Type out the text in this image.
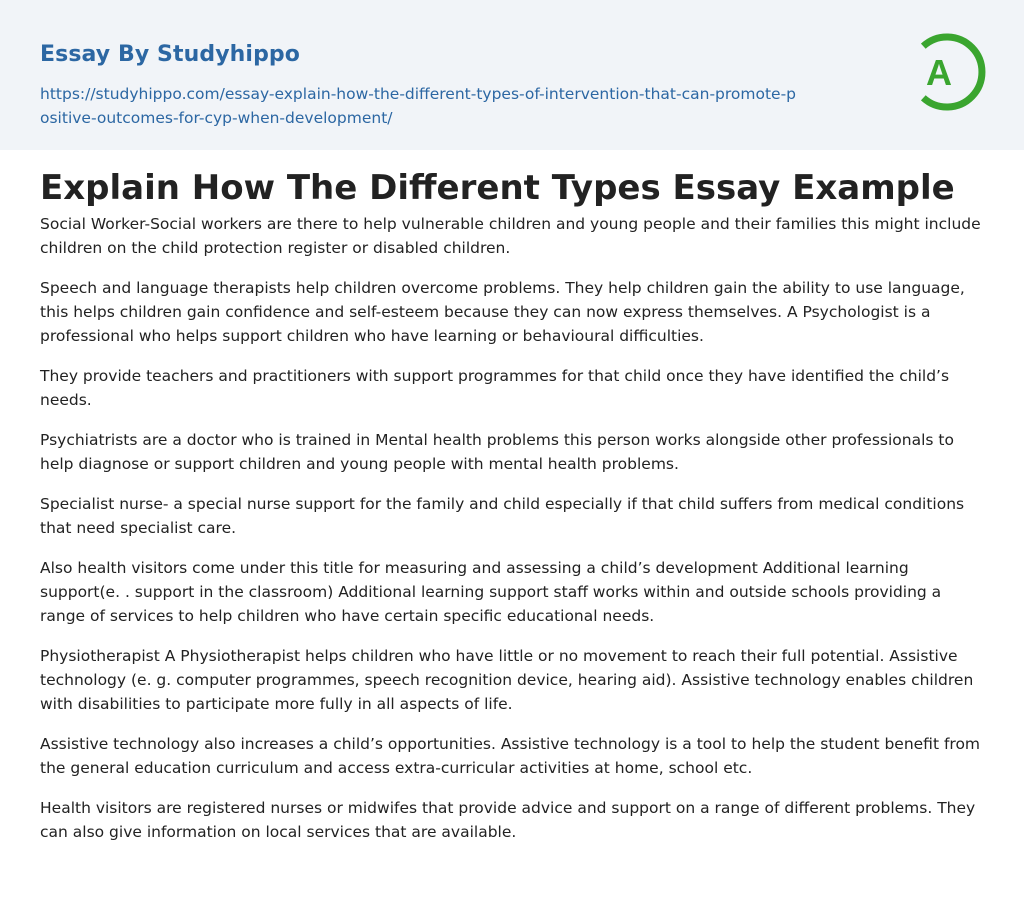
Essay By Studyhippo
https://studyhippo.com/essay-explain-how-the-different-types-of-intervention-that-can-promote-positive-outcomes-for-cyp-when-development/
A
Explain How The Different Types Essay Example

Social Worker-Social workers are there to help vulnerable children and young people and their families this might include children on the child protection register or disabled children.

Speech and language therapists help children overcome problems. They help children gain the ability to use language, this helps children gain confidence and self-esteem because they can now express themselves. A Psychologist is a professional who helps support children who have learning or behavioural difficulties.

They provide teachers and practitioners with support programmes for that child once they have identified the child’s needs.

Psychiatrists are a doctor who is trained in Mental health problems this person works alongside other professionals to help diagnose or support children and young people with mental health problems.

Specialist nurse- a special nurse support for the family and child especially if that child suffers from medical conditions that need specialist care.

Also health visitors come under this title for measuring and assessing a child’s development Additional learning support(e. . support in the classroom) Additional learning support staff works within and outside schools providing a range of services to help children who have certain specific educational needs.

Physiotherapist A Physiotherapist helps children who have little or no movement to reach their full potential. Assistive technology (e. g. computer programmes, speech recognition device, hearing aid). Assistive technology enables children with disabilities to participate more fully in all aspects of life.

Assistive technology also increases a child’s opportunities. Assistive technology is a tool to help the student benefit from the general education curriculum and access extra-curricular activities at home, school etc.

Health visitors are registered nurses or midwifes that provide advice and support on a range of different problems. They can also give information on local services that are available.
